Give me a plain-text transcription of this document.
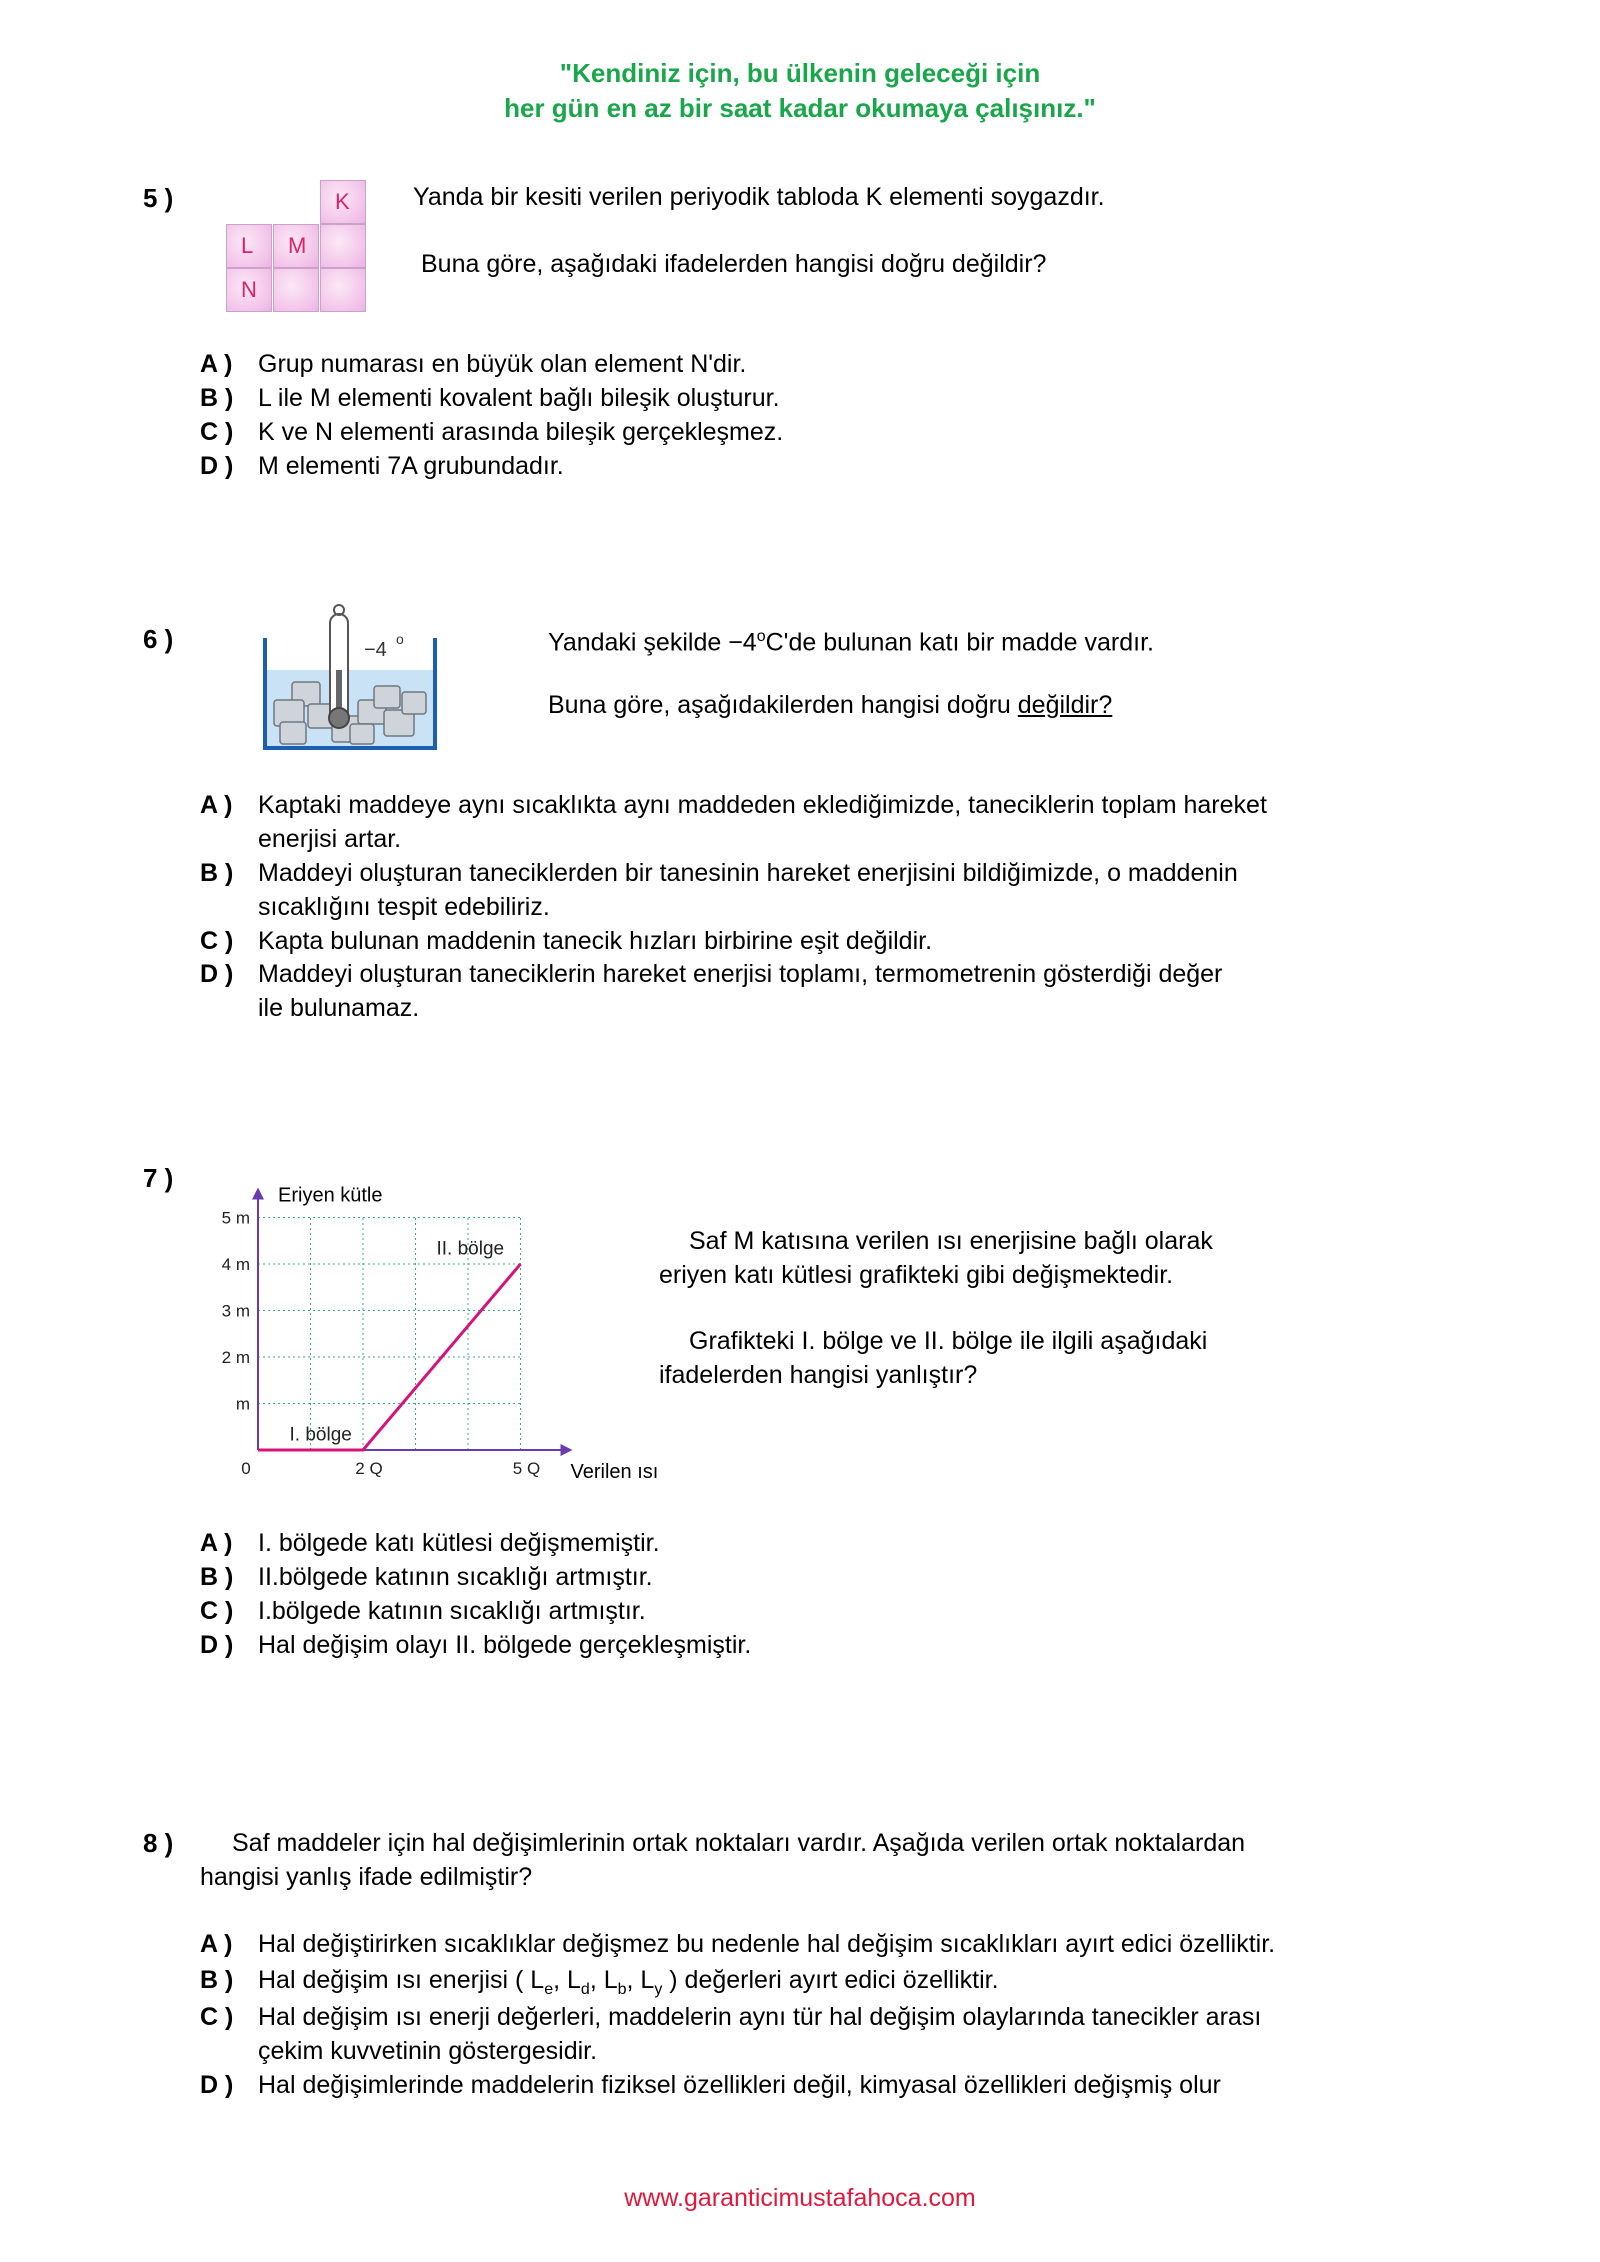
"Kendiniz için, bu ülkenin geleceği için
her gün en az bir saat kadar okumaya çalışınız."
5 )	K
L M
N
Yanda bir kesiti verilen periyodik tabloda K elementi soygazdır.
Buna göre, aşağıdaki ifadelerden hangisi doğru değildir?
A ) Grup numarası en büyük olan element N'dir.
B ) L ile M elementi kovalent bağlı bileşik oluşturur.
C ) K ve N elementi arasında bileşik gerçekleşmez.
D ) M elementi 7A grubundadır.
6 )	−4 o	Yandaki şekilde $-4^oC'de$ bulunan katı bir madde vardır.
Buna göre, aşağıdakilerden hangisi doğru değildir?
A ) Kaptaki maddeye aynı sıcaklıkta aynı maddeden eklediğimizde, taneciklerin toplam hareket
enerjisi artar.
B ) Maddeyi oluşturan taneciklerden bir tanesinin hareket enerjisini bildiğimizde, o maddenin
sıcaklığını tespit edebiliriz.
C ) Kapta bulunan maddenin tanecik hızları birbirine eşit değildir.
D ) Maddeyi oluşturan taneciklerin hareket enerjisi toplamı, termometrenin gösterdiği değer
ile bulunamaz.
7 )
m
2 m
3 m
4 m
5 m
0	2 Q	5 Q
Eriyen kütle
Verilen ısı
I. bölge
II. bölge	Saf M katısına verilen ısı enerjisine bağlı olarak
eriyen katı kütlesi grafikteki gibi değişmektedir.
Grafikteki I. bölge ve II. bölge ile ilgili aşağıdaki
ifadelerden hangisi yanlıştır?
A ) I. bölgede katı kütlesi değişmemiştir.
B ) II.bölgede katının sıcaklığı artmıştır.
C ) I.bölgede katının sıcaklığı artmıştır.
D ) Hal değişim olayı II. bölgede gerçekleşmiştir.
8 ) Saf maddeler için hal değişimlerinin ortak noktaları vardır. Aşağıda verilen ortak noktalardan
hangisi yanlış ifade edilmiştir?
A ) Hal değiştirirken sıcaklıklar değişmez bu nedenle hal değişim sıcaklıkları ayırt edici özelliktir.
B ) Hal değişim ısı enerjisi ( $L_e$, $L_d$, $L_b$, $L_y$ ) değerleri ayırt edici özelliktir.
C ) Hal değişim ısı enerji değerleri, maddelerin aynı tür hal değişim olaylarında tanecikler arası
çekim kuvvetinin göstergesidir.
D ) Hal değişimlerinde maddelerin fiziksel özellikleri değil, kimyasal özellikleri değişmiş olur
www.garanticimustafahoca.com
